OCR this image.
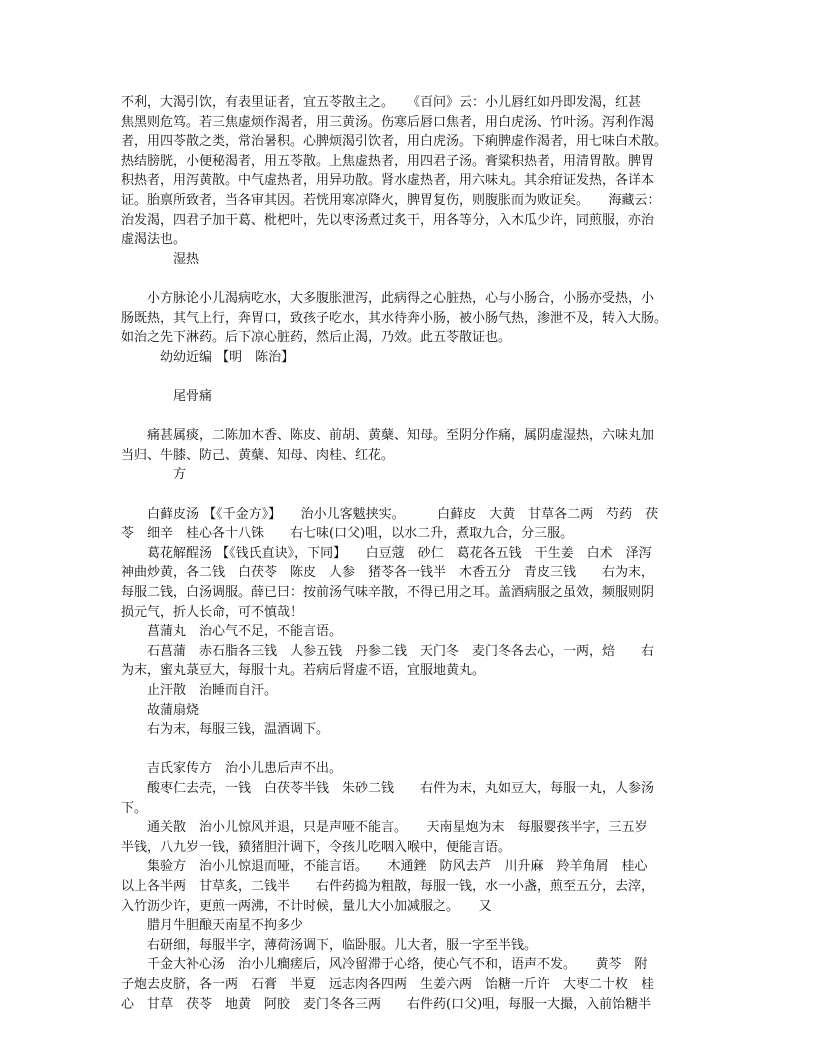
不利，大渴引饮，有表里证者，宜五苓散主之。　　《百问》云：小儿唇红如丹即发渴，红甚
焦黑则危笃。若三焦虚烦作渴者，用三黄汤。伤寒后唇口焦者，用白虎汤、竹叶汤。泻利作渴
者，用四苓散之类，常治暑积。心脾烦渴引饮者，用白虎汤。下痢脾虚作渴者，用七味白术散。
热结膀胱，小便秘渴者，用五苓散。上焦虚热者，用四君子汤。膏粱积热者，用清胃散。脾胃
积热者，用泻黄散。中气虚热者，用异功散。肾水虚热者，用六味丸。其余疳证发热，各详本
证。胎禀所致者，当各审其因。若恍用寒凉降火，脾胃复伤，则腹胀而为败证矣。　　海藏云：
治发渴，四君子加干葛、枇杷叶，先以枣汤煮过炙干，用各等分，入木瓜少许，同煎服，亦治
虚渴法也。
　　　　湿热
　　小方脉论小儿渴病吃水，大多腹胀泄泻，此病得之心脏热，心与小肠合，小肠亦受热，小
肠既热，其气上行，奔胃口，致孩子吃水，其水待奔小肠，被小肠气热，渗泄不及，转入大肠。
如治之先下淋药。后下凉心脏药，然后止渴，乃效。此五苓散证也。
　　　幼幼近编 【明　陈治】
　　　　尾骨痛
　　痛甚属痰，二陈加木香、陈皮、前胡、黄蘖、知母。至阴分作痛，属阴虚湿热，六味丸加
当归、牛膝、防己、黄蘖、知母、肉桂、红花。
　　　　方
　　白藓皮汤 【《千金方》】　　治小儿客魃挟实。　　　白藓皮　大黄　甘草各二两　芍药　茯
苓　细辛　桂心各十八铢　　右七味(口父)咀，以水二升，煮取九合，分三服。
　　葛花解酲汤 【《钱氏直诀》，下同】　　白豆蔻　砂仁　葛花各五钱　干生姜　白术　泽泻
神曲炒黄，各二钱　白茯苓　陈皮　人参　猪苓各一钱半　木香五分　青皮三钱　　右为末，
每服二钱，白汤调服。薛已曰：按前汤气味辛散，不得已用之耳。盖酒病服之虽效，频服则阴
损元气，折人长命，可不慎哉！
　　菖蒲丸　治心气不足，不能言语。
　　石菖蒲　赤石脂各三钱　人参五钱　丹参二钱　天门冬　麦门冬各去心，一两，焙　　右
为末，蜜丸菉豆大，每服十丸。若病后肾虚不语，宜服地黄丸。
　　止汗散　治睡而自汗。
　　故蒲扇烧
　　右为末，每服三钱，温酒调下。
　　吉氏家传方　治小儿患后声不出。
　　酸枣仁去壳，一钱　白茯苓半钱　朱砂二钱　　右件为末，丸如豆大，每服一丸，人参汤
下。
　　通关散　治小儿惊风并退，只是声哑不能言。　　天南星炮为末　每服婴孩半字，三五岁
半钱，八九岁一钱，豮猪胆汁调下，令孩儿吃咽入喉中，便能言语。
　　集验方　治小儿惊退而哑，不能言语。　　木通銼　防风去芦　川升麻　羚羊角屑　桂心
以上各半两　甘草炙，二钱半　　右件药捣为粗散，每服一钱，水一小盏，煎至五分，去滓，
入竹沥少许，更煎一两沸，不计时候，量儿大小加减服之。　　又
　　腊月牛胆酿天南星不拘多少
　　右研细，每服半字，薄荷汤调下，临卧服。儿大者，服一字至半钱。
　　千金大补心汤　治小儿癎瘥后，风冷留滞于心络，使心气不和，语声不发。　　黄芩　附
子炮去皮脐，各一两　石膏　半夏　远志肉各四两　生姜六两　饴糖一斤许　大枣二十枚　桂
心　甘草　茯苓　地黄　阿胶　麦门冬各三两　　右件药(口父)咀，每服一大撮，入前饴糖半
